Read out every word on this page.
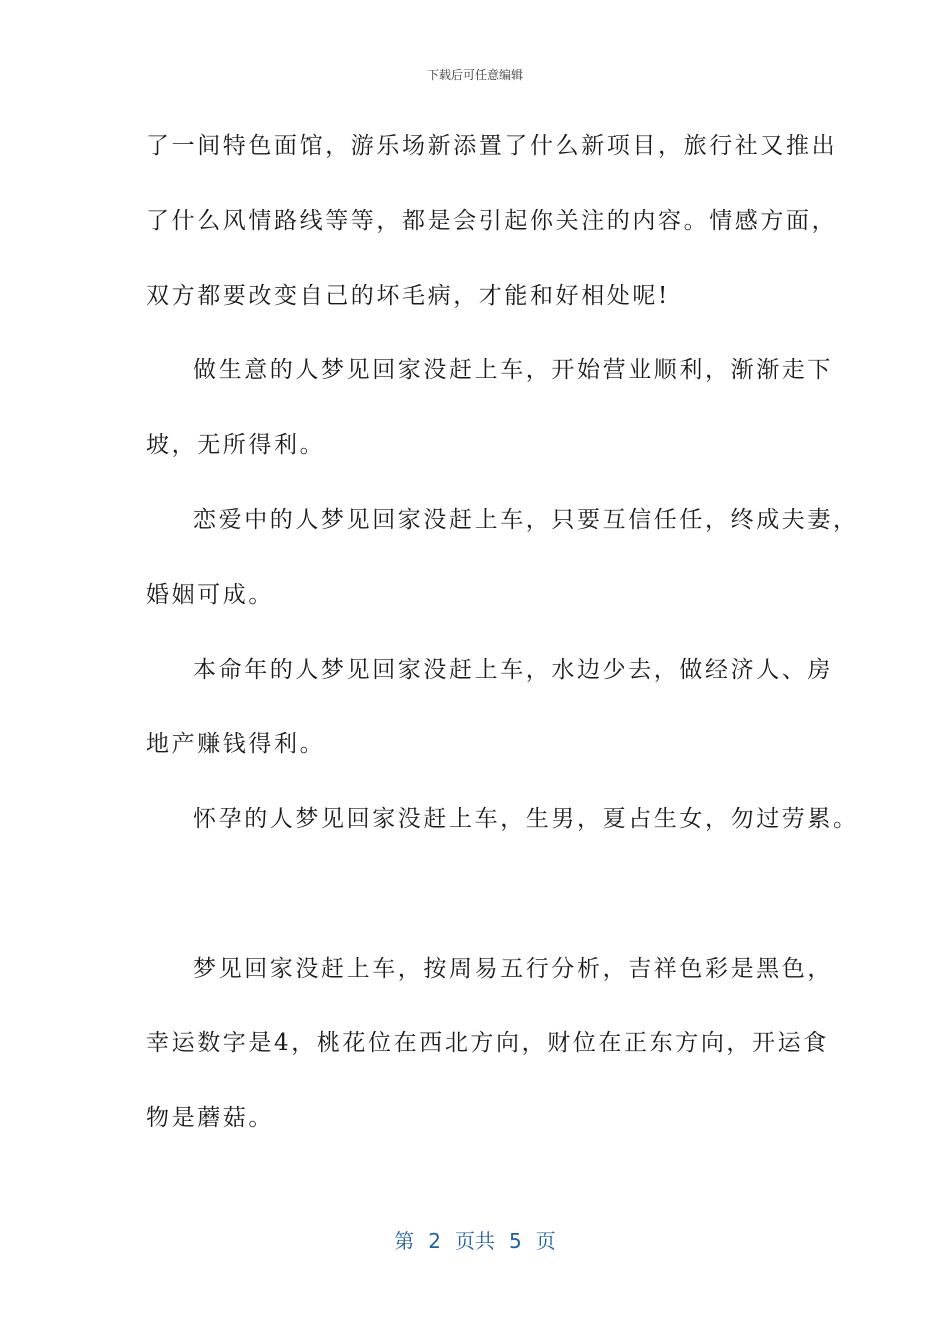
下载后可任意编辑
了一间特色面馆，游乐场新添置了什么新项目，旅行社又推出
了什么风情路线等等，都是会引起你关注的内容。情感方面，
双方都要改变自己的坏毛病，才能和好相处呢!
做生意的人梦见回家没赶上车，开始营业顺利，渐渐走下
坡，无所得利。
恋爱中的人梦见回家没赶上车，只要互信任任，终成夫妻，
婚姻可成。
本命年的人梦见回家没赶上车，水边少去，做经济人、房
地产赚钱得利。
怀孕的人梦见回家没赶上车，生男，夏占生女，勿过劳累。
梦见回家没赶上车，按周易五行分析，吉祥色彩是黑色，
幸运数字是4，桃花位在西北方向，财位在正东方向，开运食
物是蘑菇。
第 2 页共 5 页
